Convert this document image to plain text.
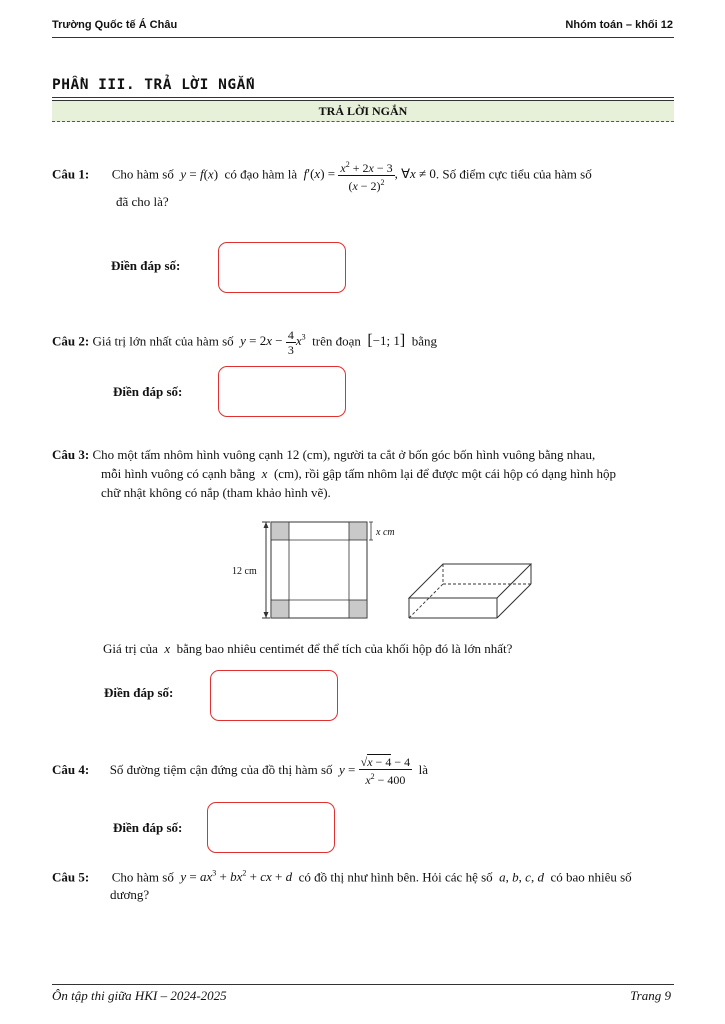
Trường Quốc tế Á Châu	Nhóm toán – khối 12
PHẦN III. TRẢ LỜI NGẮN
TRẢ LỜI NGẮN
Câu 1: Cho hàm số y = f(x)  có đạo hàm là $f'(x) = \frac{x^2 + 2x - 3}{(x - 2)^2}$ , ∀x ≠ 0. Số điểm cực tiểu của hàm số
đã cho là?
Điền đáp số:
Câu 2: Giá trị lớn nhất của hàm số $y = 2x - \frac{4}{3} x^3$ trên đoạn [−1; 1] bằng
Điền đáp số:
Câu 3: Cho một tấm nhôm hình vuông cạnh 12 (cm), người ta cắt ở bốn góc bốn hình vuông bằng nhau,
mỗi hình vuông có cạnh bằng x (cm), rồi gập tấm nhôm lại để được một cái hộp có dạng hình hộp
chữ nhật không có nắp (tham khảo hình vẽ).
12 cm
x cm
Giá trị của x bằng bao nhiêu centimét để thể tích của khối hộp đó là lớn nhất?
Điền đáp số:
Câu 4: Số đường tiệm cận đứng của đồ thị hàm số $y = \frac{√x - 4 - 4}{x^2 - 400}$ là
Điền đáp số:
Câu 5: Cho hàm số $y = ax^3 + bx^2$ + cx + d có đồ thị như hình bên. Hỏi các hệ số a, b, c, d có bao nhiêu số
dương?
Ôn tập thi giữa HKI – 2024-2025	Trang 9
